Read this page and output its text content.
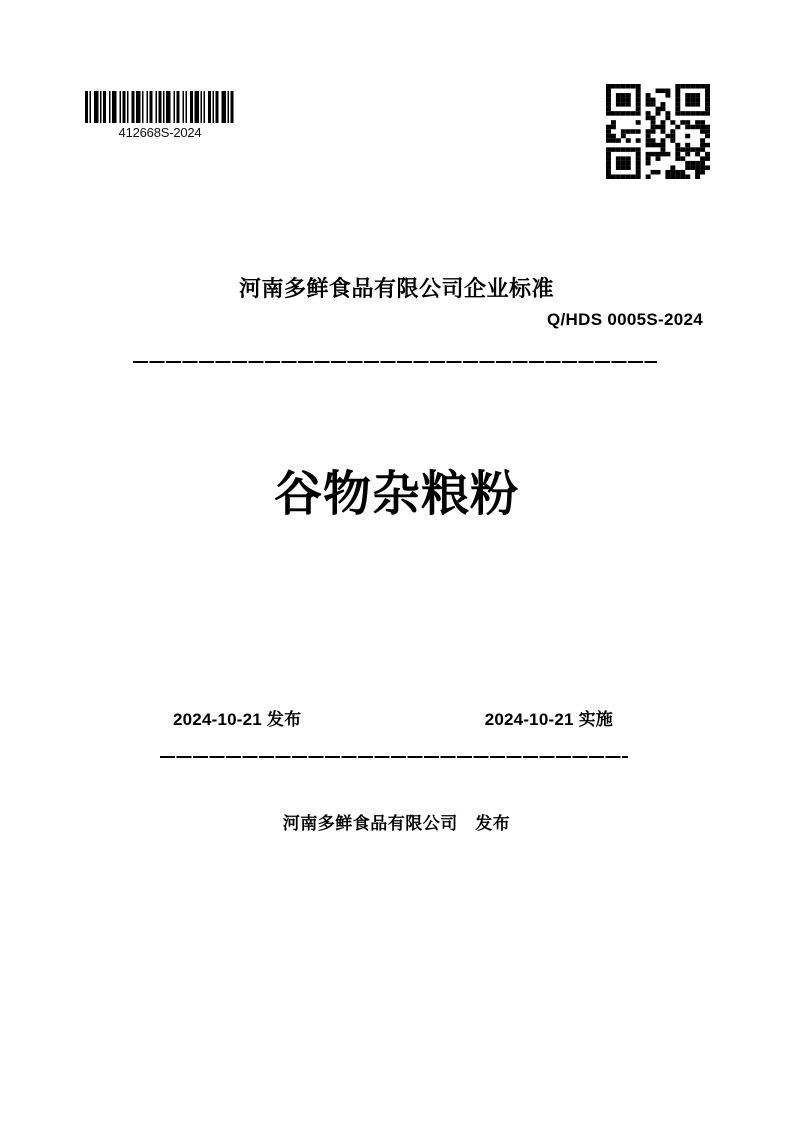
412668S-2024
河南多鲜食品有限公司企业标准
Q/HDS 0005S-2024
谷物杂粮粉
2024-10-21 发布	2024-10-21 实施
河南多鲜食品有限公司　发布
